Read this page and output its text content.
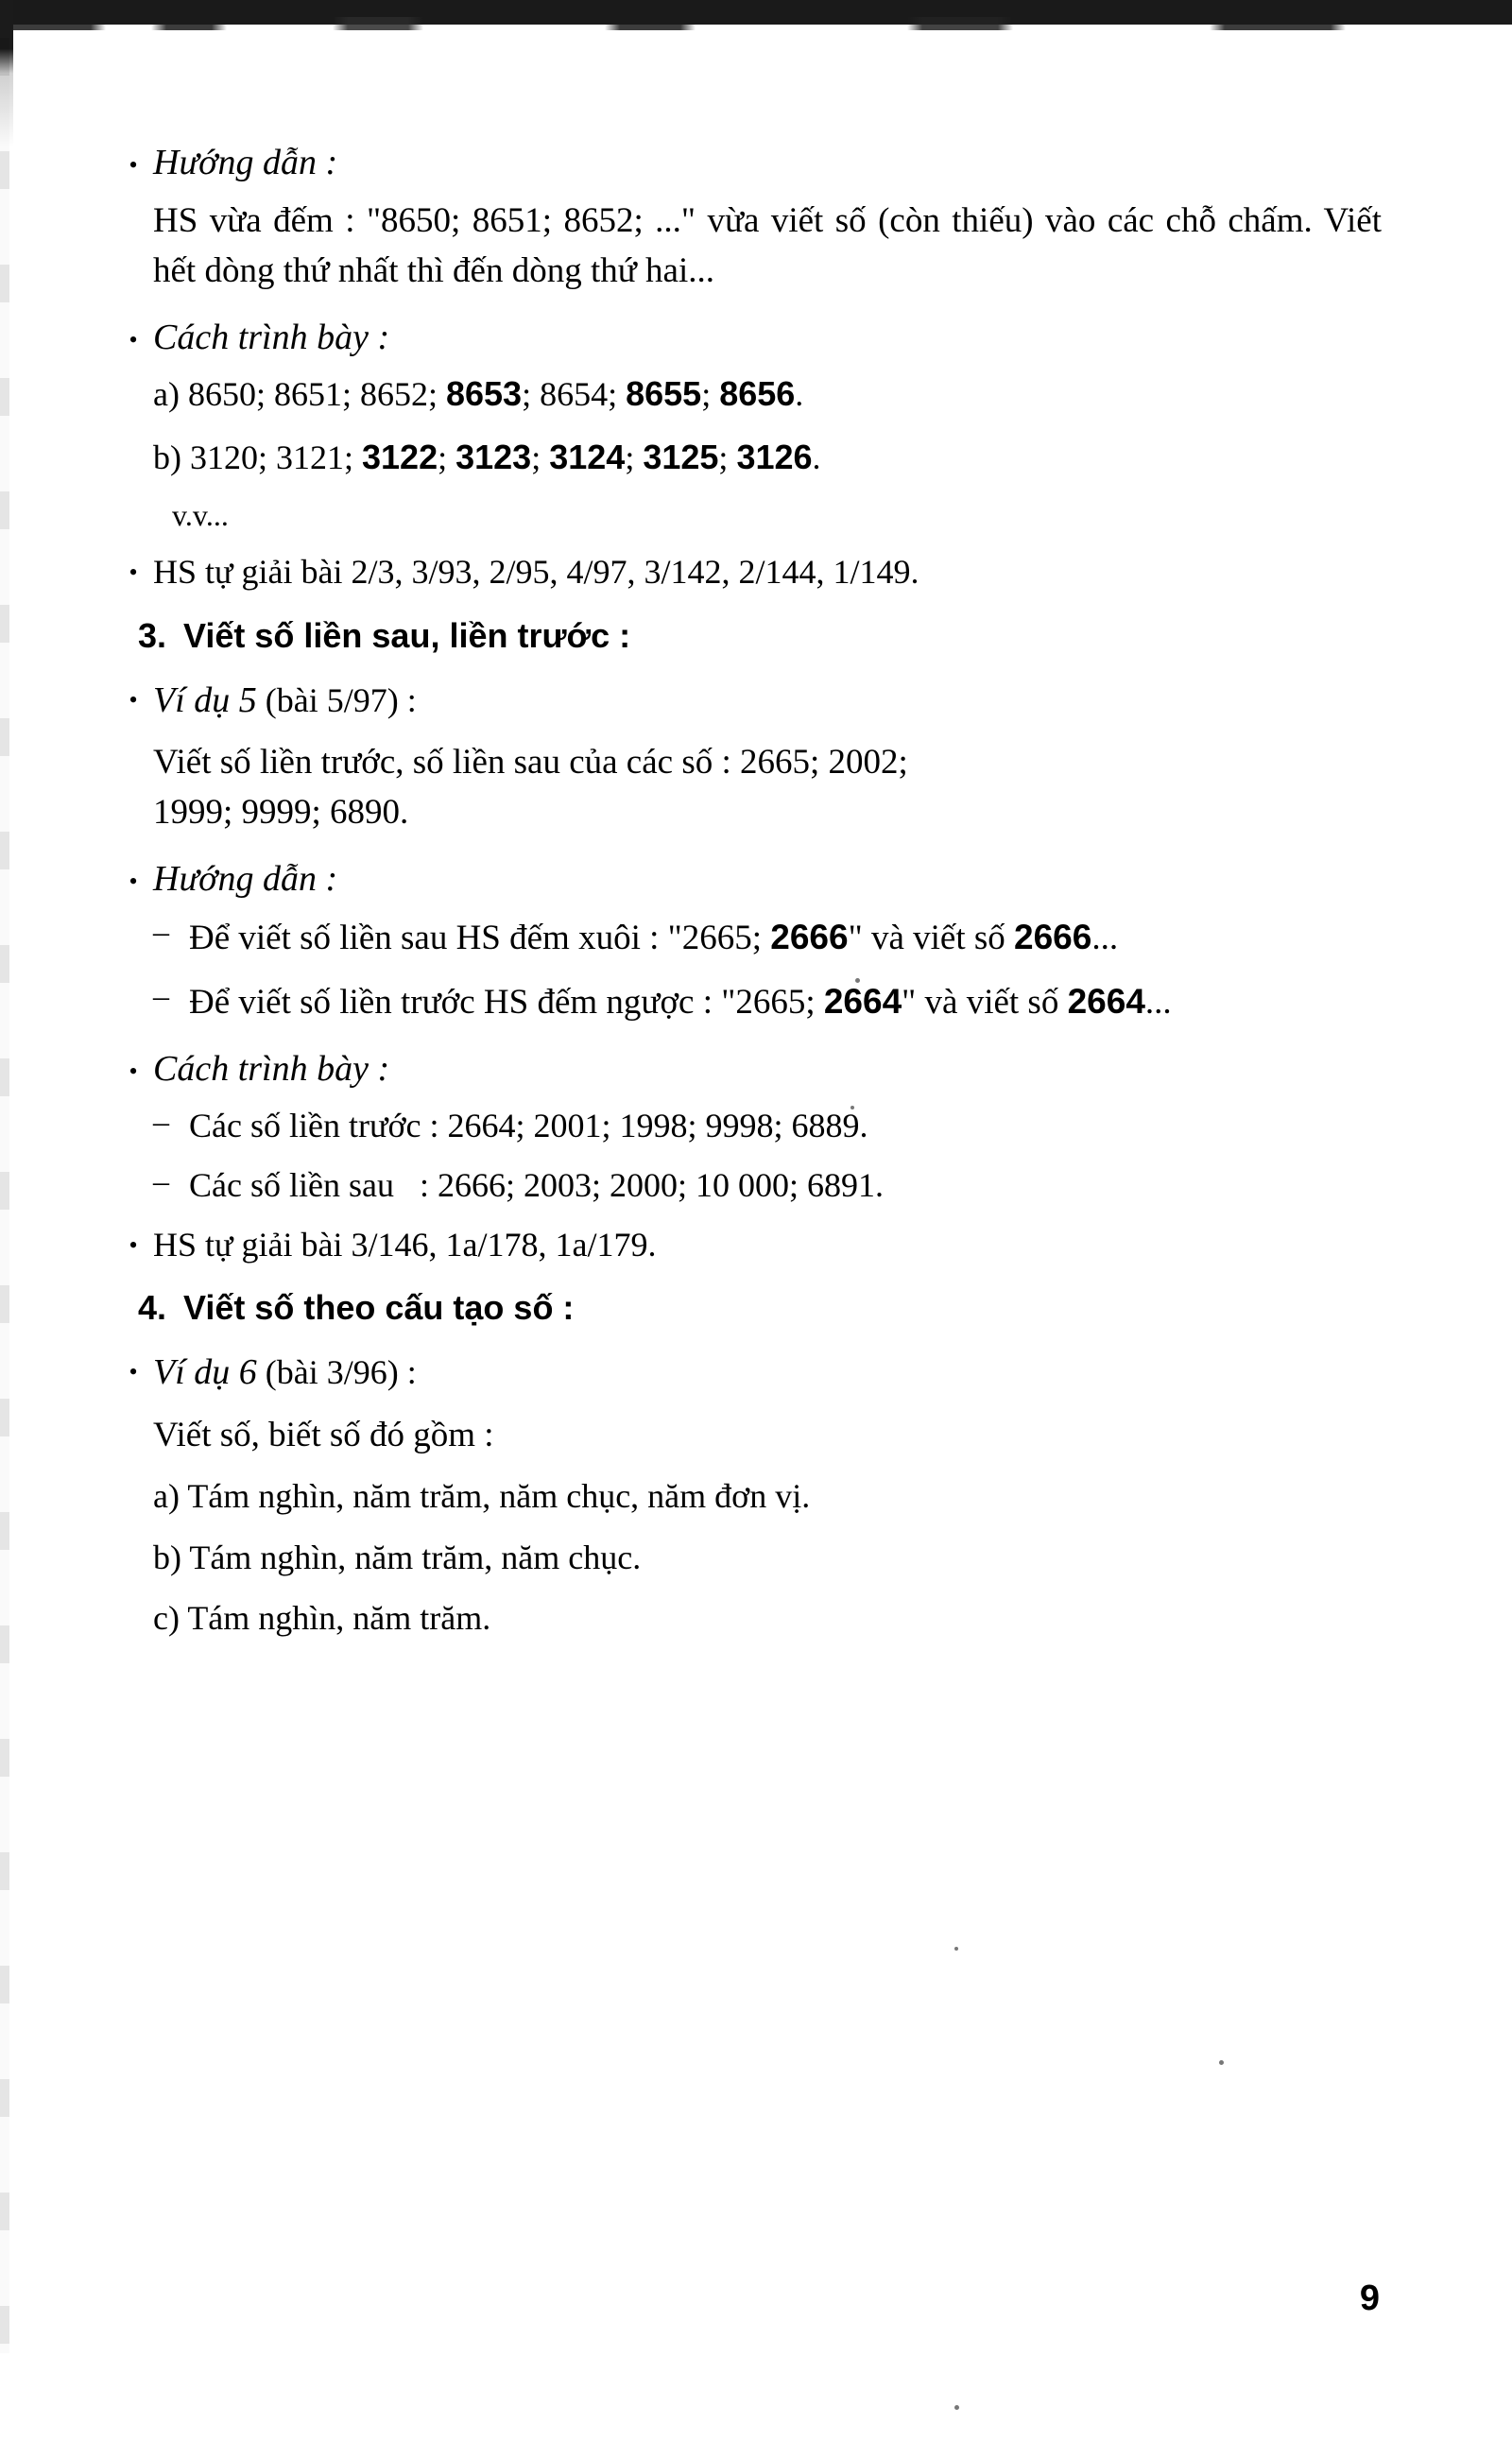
• Hướng dẫn :
HS vừa đếm : "8650; 8651; 8652; ..." vừa viết số (còn thiếu) vào các chỗ chấm. Viết hết dòng thứ nhất thì đến dòng thứ hai...
• Cách trình bày :
a) 8650; 8651; 8652; 8653; 8654; 8655; 8656.
b) 3120; 3121; 3122; 3123; 3124; 3125; 3126.
v.v...
• HS tự giải bài 2/3, 3/93, 2/95, 4/97, 3/142, 2/144, 1/149.
3. Viết số liền sau, liền trước :
• Ví dụ 5 (bài 5/97) :
Viết số liền trước, số liền sau của các số : 2665; 2002;
1999; 9999; 6890.
• Hướng dẫn :
– Để viết số liền sau HS đếm xuôi : "2665; 2666" và viết số 2666...
– Để viết số liền trước HS đếm ngược : "2665; 2664" và viết số 2664...
• Cách trình bày :
– Các số liền trước : 2664; 2001; 1998; 9998; 6889.
– Các số liền sau   : 2666; 2003; 2000; 10 000; 6891.
• HS tự giải bài 3/146, 1a/178, 1a/179.
4. Viết số theo cấu tạo số :
• Ví dụ 6 (bài 3/96) :
Viết số, biết số đó gồm :
a) Tám nghìn, năm trăm, năm chục, năm đơn vị.
b) Tám nghìn, năm trăm, năm chục.
c) Tám nghìn, năm trăm.
9
